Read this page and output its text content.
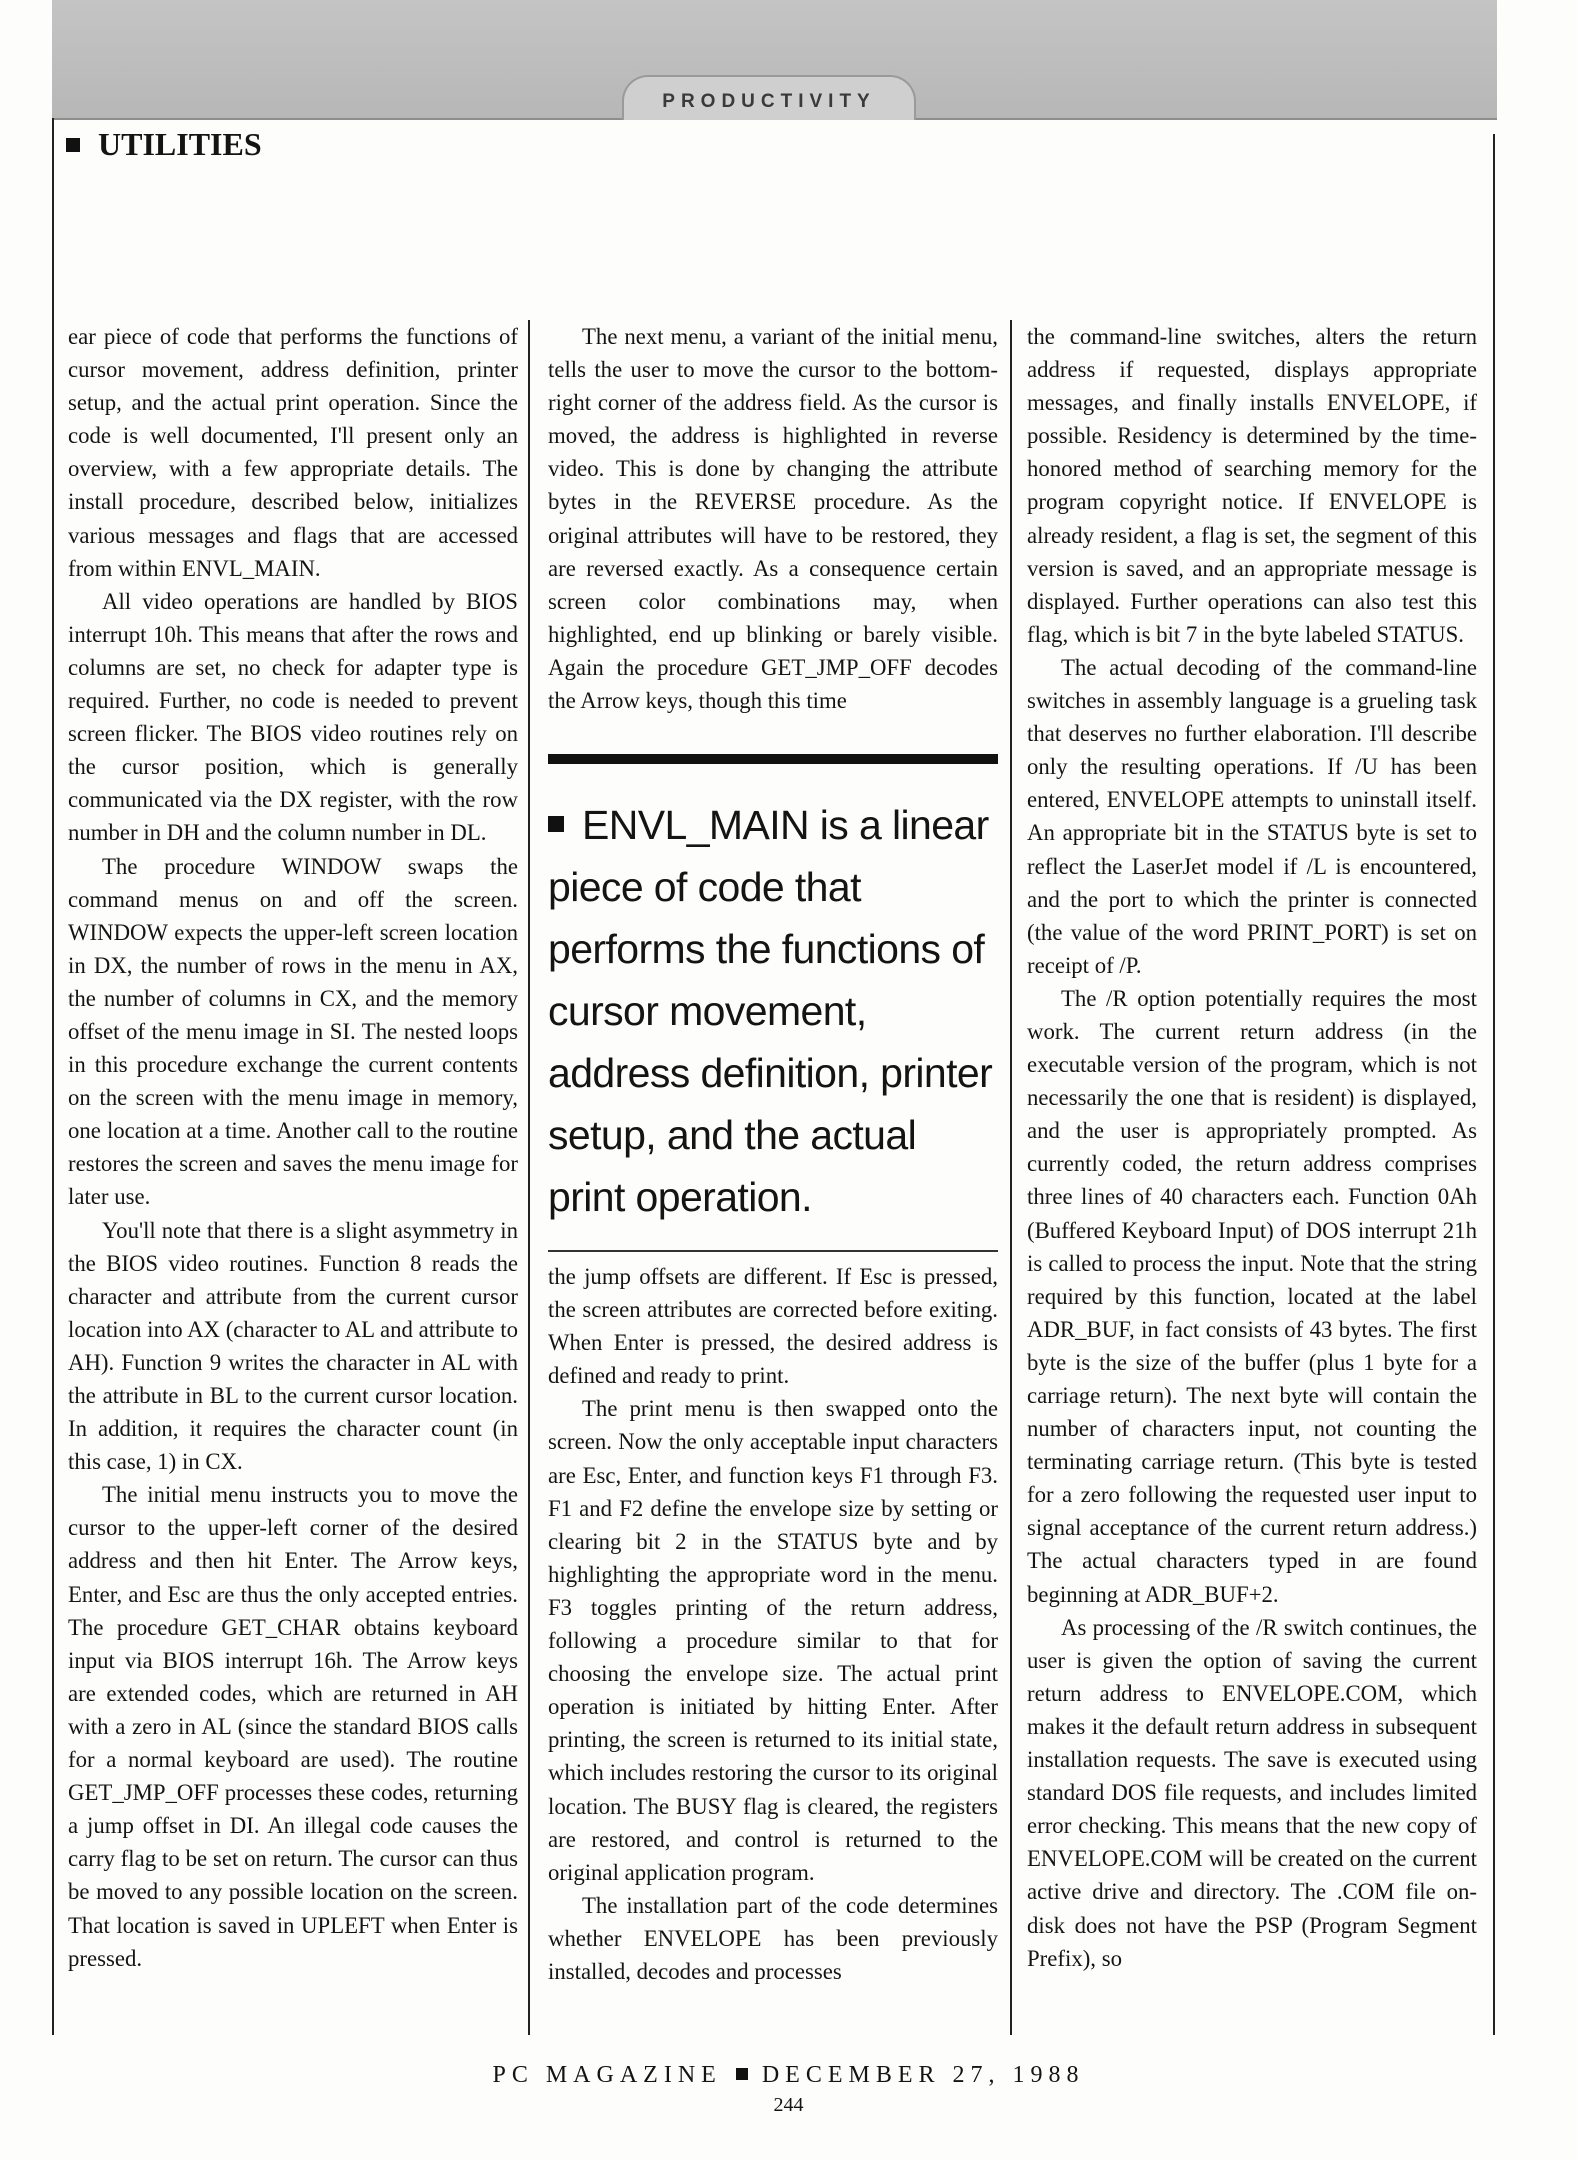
PRODUCTIVITY
UTILITIES

ear piece of code that performs the functions of cursor movement, address definition, printer setup, and the actual print operation. Since the code is well documented, I'll present only an overview, with a few appropriate details. The install procedure, described below, initializes various messages and flags that are accessed from within ENVL_MAIN.

All video operations are handled by BIOS interrupt 10h. This means that after the rows and columns are set, no check for adapter type is required. Further, no code is needed to prevent screen flicker. The BIOS video routines rely on the cursor position, which is generally communicated via the DX register, with the row number in DH and the column number in DL.

The procedure WINDOW swaps the command menus on and off the screen. WINDOW expects the upper-left screen location in DX, the number of rows in the menu in AX, the number of columns in CX, and the memory offset of the menu image in SI. The nested loops in this procedure exchange the current contents on the screen with the menu image in memory, one location at a time. Another call to the routine restores the screen and saves the menu image for later use.

You'll note that there is a slight asymmetry in the BIOS video routines. Function 8 reads the character and attribute from the current cursor location into AX (character to AL and attribute to AH). Function 9 writes the character in AL with the attribute in BL to the current cursor location. In addition, it requires the character count (in this case, 1) in CX.

The initial menu instructs you to move the cursor to the upper-left corner of the desired address and then hit Enter. The Arrow keys, Enter, and Esc are thus the only accepted entries. The procedure GET_CHAR obtains keyboard input via BIOS interrupt 16h. The Arrow keys are extended codes, which are returned in AH with a zero in AL (since the standard BIOS calls for a normal keyboard are used). The routine GET_JMP_OFF processes these codes, returning a jump offset in DI. An illegal code causes the carry flag to be set on return. The cursor can thus be moved to any possible location on the screen. That location is saved in UPLEFT when Enter is pressed.

The next menu, a variant of the initial menu, tells the user to move the cursor to the bottom-right corner of the address field. As the cursor is moved, the address is highlighted in reverse video. This is done by changing the attribute bytes in the REVERSE procedure. As the original attributes will have to be restored, they are reversed exactly. As a consequence certain screen color combinations may, when highlighted, end up blinking or barely visible. Again the procedure GET_JMP_OFF decodes the Arrow keys, though this time

the jump offsets are different. If Esc is pressed, the screen attributes are corrected before exiting. When Enter is pressed, the desired address is defined and ready to print.

The print menu is then swapped onto the screen. Now the only acceptable input characters are Esc, Enter, and function keys F1 through F3. F1 and F2 define the envelope size by setting or clearing bit 2 in the STATUS byte and by highlighting the appropriate word in the menu. F3 toggles printing of the return address, following a procedure similar to that for choosing the envelope size. The actual print operation is initiated by hitting Enter. After printing, the screen is returned to its initial state, which includes restoring the cursor to its original location. The BUSY flag is cleared, the registers are restored, and control is returned to the original application program.

The installation part of the code determines whether ENVELOPE has been previously installed, decodes and processes

ENVL_MAIN is a linear piece of code that performs the functions of cursor movement, address definition, printer setup, and the actual print operation.

the command-line switches, alters the return address if requested, displays appropriate messages, and finally installs ENVELOPE, if possible. Residency is determined by the time-honored method of searching memory for the program copyright notice. If ENVELOPE is already resident, a flag is set, the segment of this version is saved, and an appropriate message is displayed. Further operations can also test this flag, which is bit 7 in the byte labeled STATUS.

The actual decoding of the command-line switches in assembly language is a grueling task that deserves no further elaboration. I'll describe only the resulting operations. If /U has been entered, ENVELOPE attempts to uninstall itself. An appropriate bit in the STATUS byte is set to reflect the LaserJet model if /L is encountered, and the port to which the printer is connected (the value of the word PRINT_PORT) is set on receipt of /P.

The /R option potentially requires the most work. The current return address (in the executable version of the program, which is not necessarily the one that is resident) is displayed, and the user is appropriately prompted. As currently coded, the return address comprises three lines of 40 characters each. Function 0Ah (Buffered Keyboard Input) of DOS interrupt 21h is called to process the input. Note that the string required by this function, located at the label ADR_BUF, in fact consists of 43 bytes. The first byte is the size of the buffer (plus 1 byte for a carriage return). The next byte will contain the number of characters input, not counting the terminating carriage return. (This byte is tested for a zero following the requested user input to signal acceptance of the current return address.) The actual characters typed in are found beginning at ADR_BUF+2.

As processing of the /R switch continues, the user is given the option of saving the current return address to ENVELOPE.COM, which makes it the default return address in subsequent installation requests. The save is executed using standard DOS file requests, and includes limited error checking. This means that the new copy of ENVELOPE.COM will be created on the current active drive and directory. The .COM file on-disk does not have the PSP (Program Segment Prefix), so

PC MAGAZINE DECEMBER 27, 1988
244
